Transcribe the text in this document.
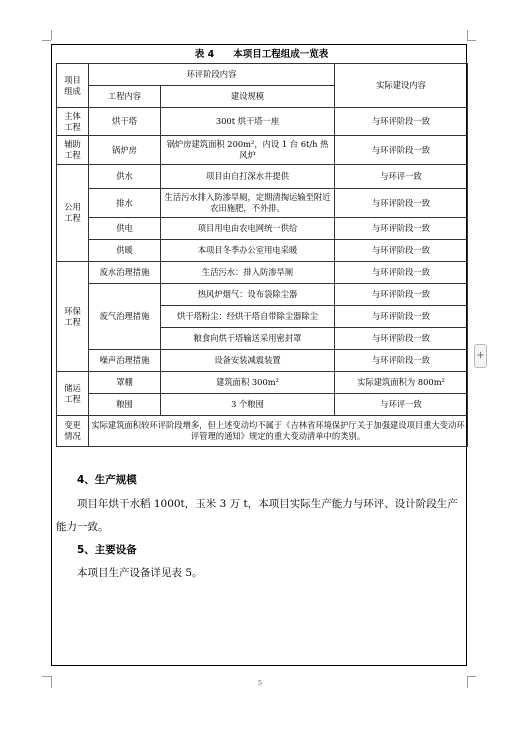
表 4　　本项目工程组成一览表
项目
组成	环评阶段内容		实际建设内容
	工程内容	建设规模	
主体
工程	烘干塔	300t 烘干塔一座	与环评阶段一致
辅助
工程	锅炉房	锅炉房建筑面积 200m²，内设 1 台 6t/h 热风炉	与环评阶段一致
公用
工程	供水	项目由自打深水井提供	与环评一致
	排水	生活污水排入防渗旱厕，定期清掏运输至附近农田施肥，不外排。	与环评阶段一致
	供电	项目用电由农电网统一供给	与环评阶段一致
	供暖	本项目冬季办公室用电采暖	与环评阶段一致
环保
工程	废水治理措施	生活污水：排入防渗旱厕	与环评阶段一致
	废气治理措施	热风炉烟气：设布袋除尘器	与环评阶段一致
		烘干塔粉尘：经烘干塔自带除尘器除尘	与环评阶段一致
		粮食向烘干塔输送采用密封罩	与环评阶段一致
	噪声治理措施	设备安装减震装置	与环评阶段一致
储运
工程	罩棚	建筑面积 300m²	实际建筑面积为 800m²
	粮囤	3 个粮囤	与环评一致
变更
情况	实际建筑面积较环评阶段增多，但上述变动均不属于《吉林省环境保护厅关于加强建设项目重大变动环评管理的通知》规定的重大变动清单中的类别。		
4、生产规模
项目年烘干水稻 1000t，玉米 3 万 t，本项目实际生产能力与环评、设计阶段生产
能力一致。
5、主要设备
本项目生产设备详见表 5。
5
+
